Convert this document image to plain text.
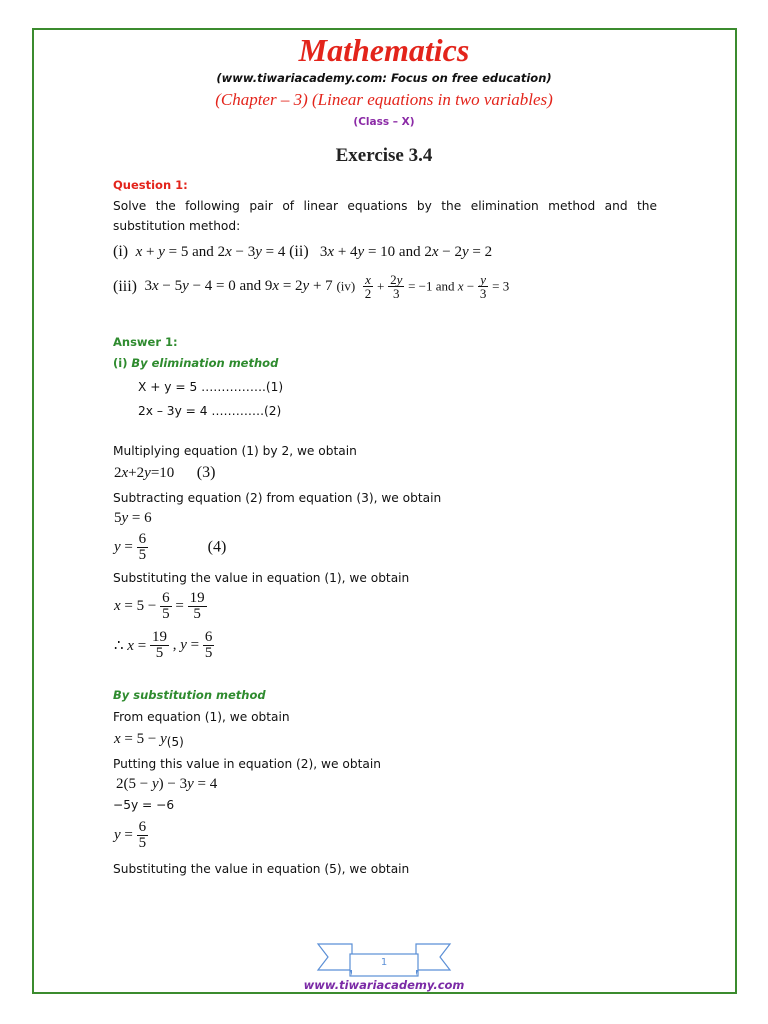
Mathematics
(www.tiwariacademy.com: Focus on free education)
(Chapter – 3) (Linear equations in two variables)
(Class – X)
Exercise 3.4
Question 1:
Solve the following pair of linear equations by the elimination method and the
substitution method:
(i) x + y = 5 and 2x − 3y = 4 (ii)   3x + 4y = 10 and 2x − 2y = 2
(iii) 3x − 5y − 4 = 0 and 9x = 2y + 7 $(iv) \frac{x}{2} + \frac{2y}{3} = -1$ and $x - \frac{y}{3} = 3$
Answer 1:
(i) By elimination method
X + y = 5 …………….(1)
2x – 3y = 4 ………….(2)
Multiplying equation (1) by 2, we obtain
2x+2y=10      (3)
Subtracting equation (2) from equation (3), we obtain
5y = 6
$y = \frac{6}{5}$	(4)
Substituting the value in equation (1), we obtain
$x = 5 - \frac{6}{5} = \frac{19}{5}$
∴ $x = \frac{19}{5}$ , $y = \frac{6}{5}$
By substitution method
From equation (1), we obtain
$x = 5 - y_{(5)}$
Putting this value in equation (2), we obtain
2(5 − y) − 3y = 4
−5y = −6
$y = \frac{6}{5}$
Substituting the value in equation (5), we obtain
1
www.tiwariacademy.com
